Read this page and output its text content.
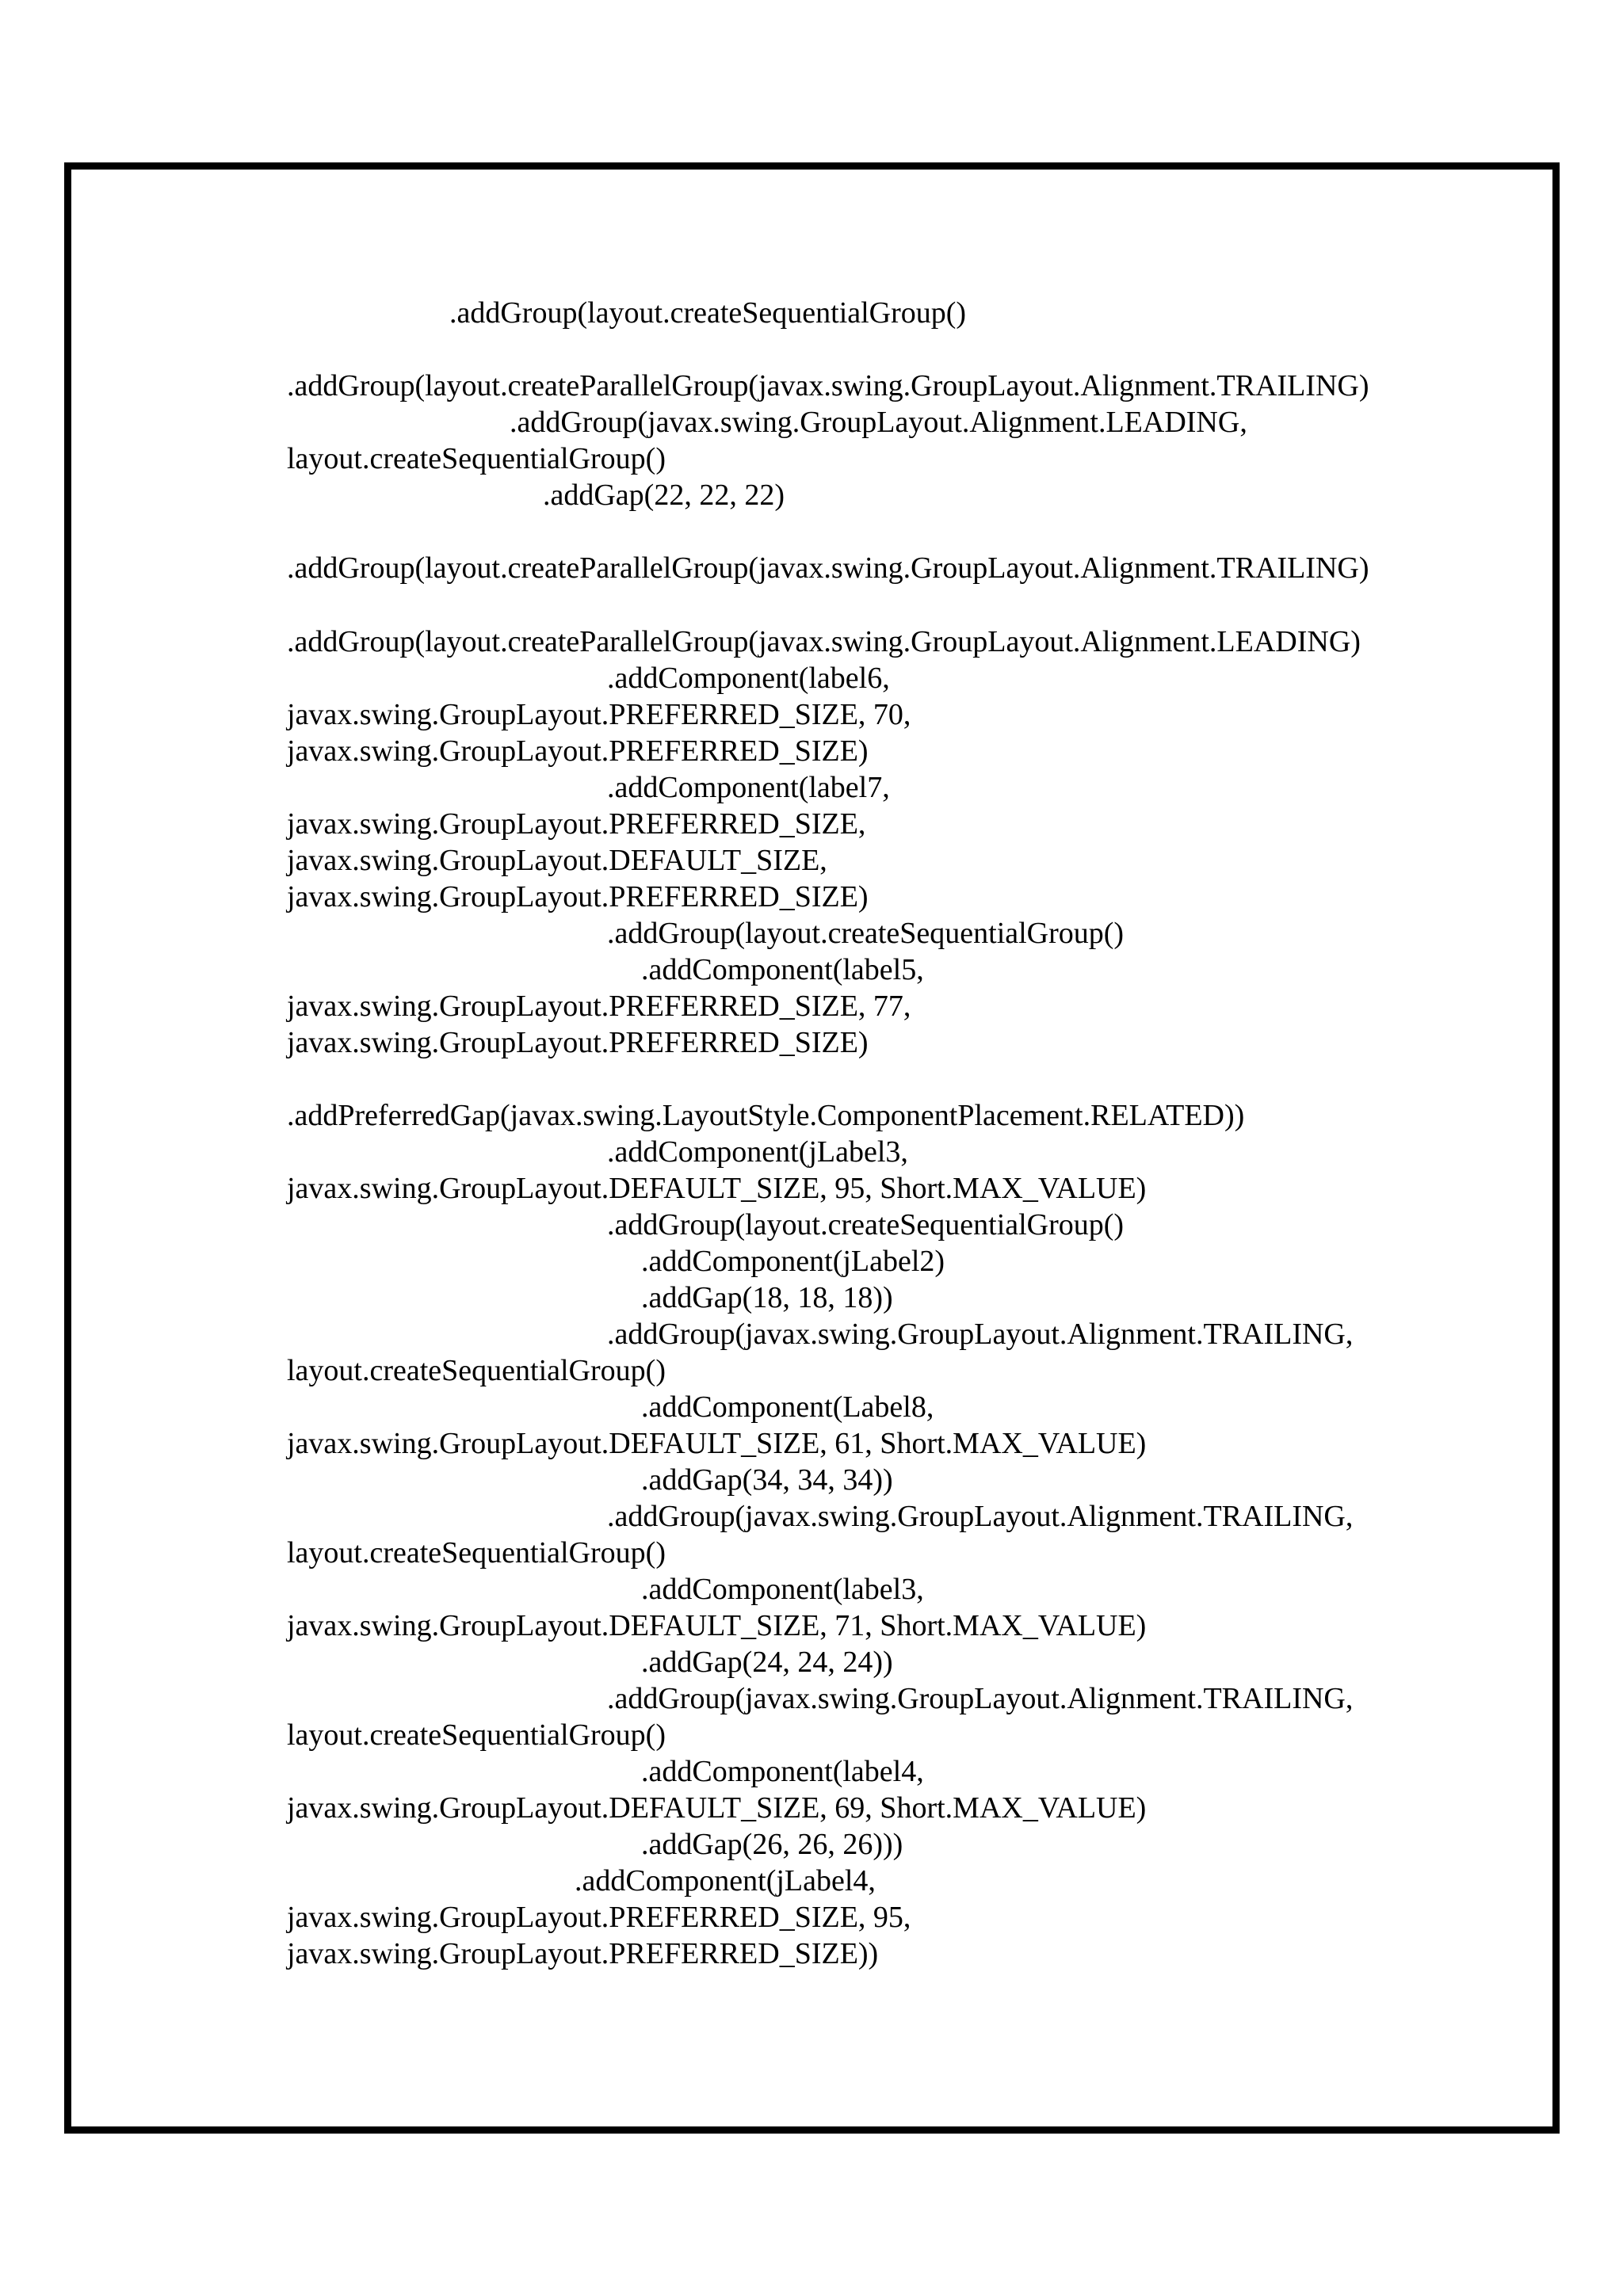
.addGroup(layout.createSequentialGroup()
.addGroup(layout.createParallelGroup(javax.swing.GroupLayout.Alignment.TRAILING)
.addGroup(javax.swing.GroupLayout.Alignment.LEADING,
layout.createSequentialGroup()
.addGap(22, 22, 22)
.addGroup(layout.createParallelGroup(javax.swing.GroupLayout.Alignment.TRAILING)
.addGroup(layout.createParallelGroup(javax.swing.GroupLayout.Alignment.LEADING)
.addComponent(label6,
javax.swing.GroupLayout.PREFERRED_SIZE, 70,
javax.swing.GroupLayout.PREFERRED_SIZE)
.addComponent(label7,
javax.swing.GroupLayout.PREFERRED_SIZE,
javax.swing.GroupLayout.DEFAULT_SIZE,
javax.swing.GroupLayout.PREFERRED_SIZE)
.addGroup(layout.createSequentialGroup()
.addComponent(label5,
javax.swing.GroupLayout.PREFERRED_SIZE, 77,
javax.swing.GroupLayout.PREFERRED_SIZE)
.addPreferredGap(javax.swing.LayoutStyle.ComponentPlacement.RELATED))
.addComponent(jLabel3,
javax.swing.GroupLayout.DEFAULT_SIZE, 95, Short.MAX_VALUE)
.addGroup(layout.createSequentialGroup()
.addComponent(jLabel2)
.addGap(18, 18, 18))
.addGroup(javax.swing.GroupLayout.Alignment.TRAILING,
layout.createSequentialGroup()
.addComponent(Label8,
javax.swing.GroupLayout.DEFAULT_SIZE, 61, Short.MAX_VALUE)
.addGap(34, 34, 34))
.addGroup(javax.swing.GroupLayout.Alignment.TRAILING,
layout.createSequentialGroup()
.addComponent(label3,
javax.swing.GroupLayout.DEFAULT_SIZE, 71, Short.MAX_VALUE)
.addGap(24, 24, 24))
.addGroup(javax.swing.GroupLayout.Alignment.TRAILING,
layout.createSequentialGroup()
.addComponent(label4,
javax.swing.GroupLayout.DEFAULT_SIZE, 69, Short.MAX_VALUE)
.addGap(26, 26, 26)))
.addComponent(jLabel4,
javax.swing.GroupLayout.PREFERRED_SIZE, 95,
javax.swing.GroupLayout.PREFERRED_SIZE))
